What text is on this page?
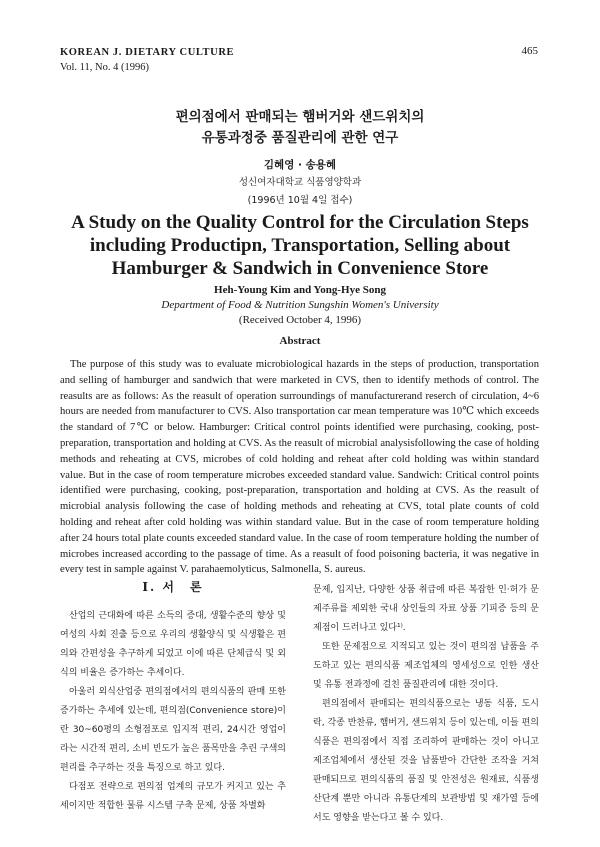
KOREAN J. DIETARY CULTURE
Vol. 11, No. 4 (1996)
465
편의점에서 판매되는 햄버거와 샌드위치의
유통과정중 품질관리에 관한 연구
김혜영 · 송용혜
성신여자대학교 식품영양학과
(1996년 10월 4일 접수)
A Study on the Quality Control for the Circulation Steps
including Productipn, Transportation, Selling about
Hamburger & Sandwich in Convenience Store
Heh-Young Kim and Yong-Hye Song
Department of Food & Nutrition Sungshin Women's University
(Received October 4, 1996)
Abstract

The purpose of this study was to evaluate microbiological hazards in the steps of production, transportation and selling of hamburger and sandwich that were marketed in CVS, then to identify methods of control. The reasults are as follows: As the reasult of operation surroundings of manufacturerand reserch of circulation, 4~6 hours are needed from manufacturer to CVS. Also transportation car mean temperature was 10℃ which exceeds the standard of 7℃ or below. Hamburger: Critical control points identified were purchasing, cooking, post-preparation, transportation and holding at CVS. As the reasult of microbial analysisfollowing the case of holding methods and reheating at CVS, microbes of cold holding and reheat after cold holding was within standard value. But in the case of room temperature microbes exceeded standard value. Sandwich: Critical control points identified were purchasing, cooking, post-preparation, transportation and holding at CVS. As the reasult of microbial analysis following the case of holding methods and reheating at CVS, total plate counts of cold holding and reheat after cold holding was within standard value. But in the case of room temperature holding after 24 hours total plate counts exceeded standard value. In the case of room temperature holding the number of microbes increased according to the passage of time. As a reasult of food poisoning bacteria, it was negative in every test in sample against V. parahaemolyticus, Salmonella, S. aureus.

I. 서　론

산업의 근대화에 따른 소득의 증대, 생활수준의 향상 및 여성의 사회 진출 등으로 우리의 생활양식 및 식생활은 편의와 간편성을 추구하게 되었고 이에 따른 단체급식 및 외식의 비율은 증가하는 추세이다.

아울러 외식산업중 편의점에서의 편의식품의 판매 또한 증가하는 추세에 있는데, 편의점(Convenience store)이란 30~60평의 소형점포로 입지적 편리, 24시간 영업이라는 시간적 편리, 소비 빈도가 높은 품목만을 추린 구색의 편리를 추구하는 것을 특징으로 하고 있다.

다점포 전략으로 편의점 업계의 규모가 커지고 있는 추세이지만 적합한 물류 시스템 구축 문제, 상품 차별화

문제, 입지난, 다양한 상품 취급에 따른 복잡한 인·허가 문제주류를 제외한 국내 상인들의 자료 상품 기피증 등의 문제점이 드러나고 있다¹⁾.

또한 문제점으로 지적되고 있는 것이 편의점 납품을 주도하고 있는 편의식품 제조업체의 영세성으로 인한 생산 및 유통 전과정에 걸친 품질관리에 대한 것이다.

편의점에서 판매되는 편의식품으로는 냉동 식품, 도시락, 각종 반찬류, 햄버거, 샌드위치 등이 있는데, 이들 편의 식품은 편의점에서 직접 조리하여 판매하는 것이 아니고 제조업체에서 생산된 것을 납품받아 간단한 조작을 거쳐 판매되므로 편의식품의 품질 및 안전성은 원재료, 식품생산단계 뿐만 아니라 유통단계의 보관방법 및 재가열 등에서도 영향을 받는다고 볼 수 있다.
